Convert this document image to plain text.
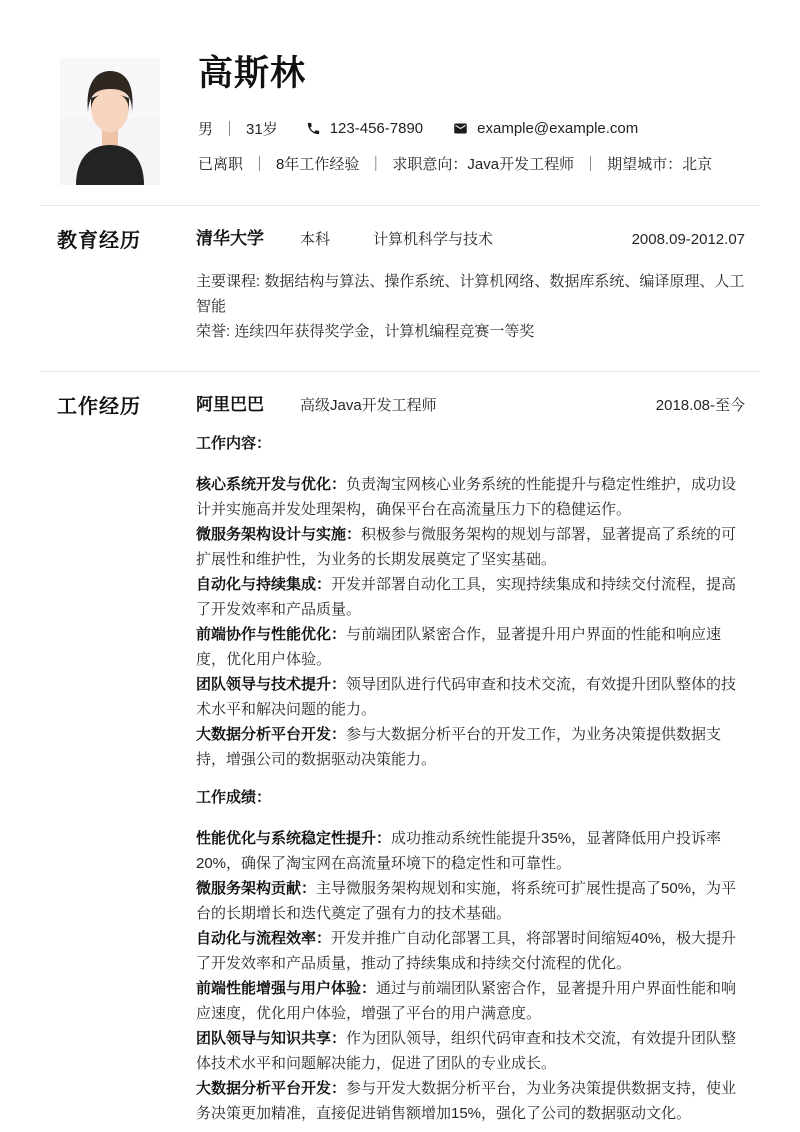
高斯林
男 ｜ 31岁	123-456-7890	example@example.com
已离职 ｜ 8年工作经验 ｜ 求职意向：Java开发工程师 ｜ 期望城市：北京
教育经历	清华大学	本科	计算机科学与技术	2008.09-2012.07
主要课程: 数据结构与算法、操作系统、计算机网络、数据库系统、编译原理、人工智能
荣誉: 连续四年获得奖学金，计算机编程竞赛一等奖
工作经历	阿里巴巴	高级Java开发工程师	2018.08-至今

工作内容：

核心系统开发与优化：负责淘宝网核心业务系统的性能提升与稳定性维护，成功设计并实施高并发处理架构，确保平台在高流量压力下的稳健运作。

微服务架构设计与实施：积极参与微服务架构的规划与部署，显著提高了系统的可扩展性和维护性，为业务的长期发展奠定了坚实基础。

自动化与持续集成：开发并部署自动化工具，实现持续集成和持续交付流程，提高了开发效率和产品质量。

前端协作与性能优化：与前端团队紧密合作，显著提升用户界面的性能和响应速度，优化用户体验。

团队领导与技术提升：领导团队进行代码审查和技术交流，有效提升团队整体的技术水平和解决问题的能力。

大数据分析平台开发：参与大数据分析平台的开发工作，为业务决策提供数据支持，增强公司的数据驱动决策能力。

工作成绩：

性能优化与系统稳定性提升：成功推动系统性能提升35%，显著降低用户投诉率20%，确保了淘宝网在高流量环境下的稳定性和可靠性。

微服务架构贡献：主导微服务架构规划和实施，将系统可扩展性提高了50%，为平台的长期增长和迭代奠定了强有力的技术基础。

自动化与流程效率：开发并推广自动化部署工具，将部署时间缩短40%，极大提升了开发效率和产品质量，推动了持续集成和持续交付流程的优化。

前端性能增强与用户体验：通过与前端团队紧密合作，显著提升用户界面性能和响应速度，优化用户体验，增强了平台的用户满意度。

团队领导与知识共享：作为团队领导，组织代码审查和技术交流，有效提升团队整体技术水平和问题解决能力，促进了团队的专业成长。

大数据分析平台开发：参与开发大数据分析平台，为业务决策提供数据支持，使业务决策更加精准，直接促进销售额增加15%，强化了公司的数据驱动文化。
